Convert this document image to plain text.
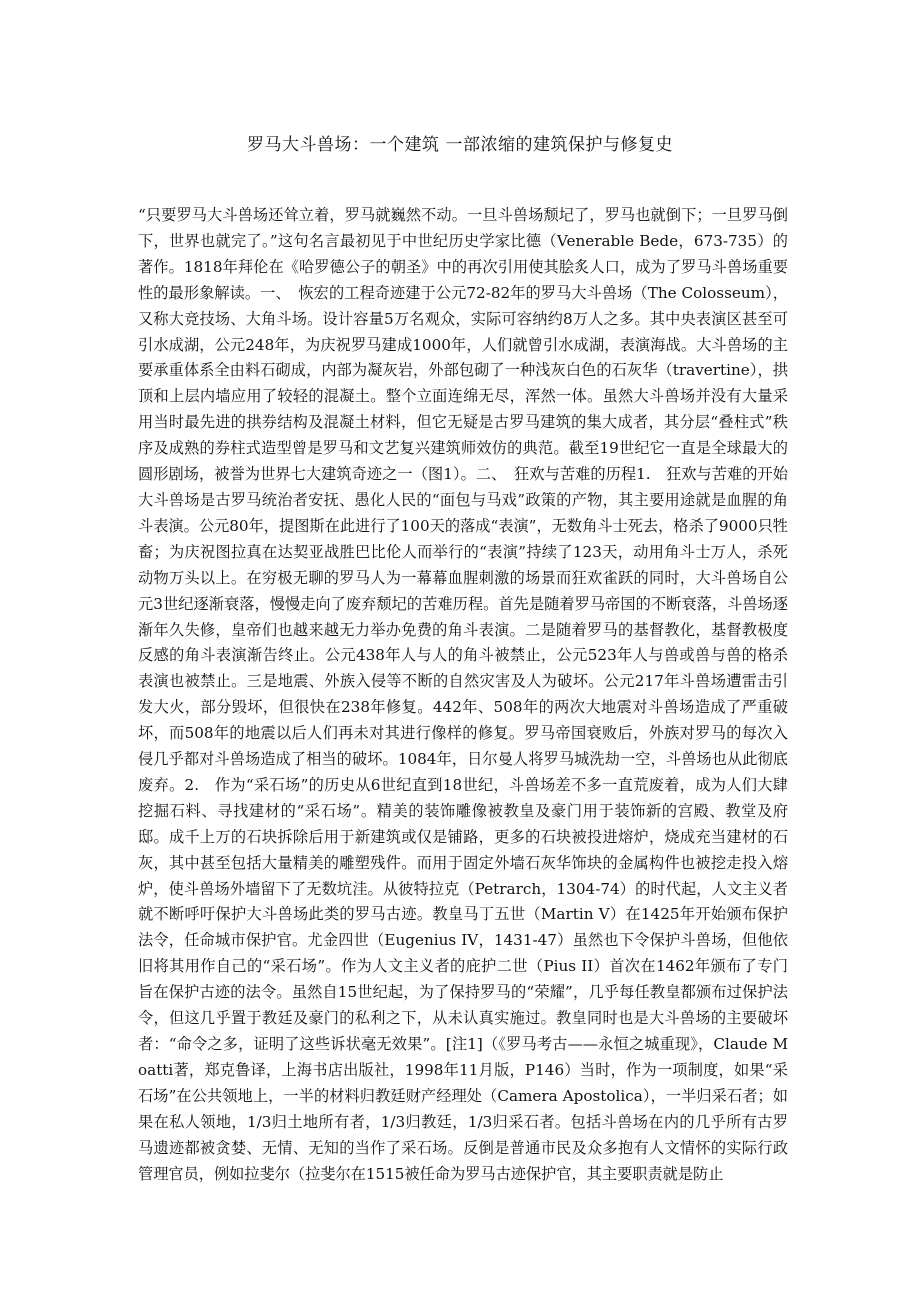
罗马大斗兽场：一个建筑 一部浓缩的建筑保护与修复史

“只要罗马大斗兽场还耸立着，罗马就巍然不动。一旦斗兽场颓圮了，罗马也就倒下；一旦罗马倒下，世界也就完了。”这句名言最初见于中世纪历史学家比德（Venerable Bede，673-735）的著作。1818年拜伦在《哈罗德公子的朝圣》中的再次引用使其脍炙人口，成为了罗马斗兽场重要性的最形象解读。一、　恢宏的工程奇迹建于公元72-82年的罗马大斗兽场（The Colosseum），又称大竞技场、大角斗场。设计容量5万名观众，实际可容纳约8万人之多。其中央表演区甚至可引水成湖，公元248年，为庆祝罗马建成1000年，人们就曾引水成湖，表演海战。大斗兽场的主要承重体系全由料石砌成，内部为凝灰岩，外部包砌了一种浅灰白色的石灰华（travertine），拱顶和上层内墙应用了较轻的混凝土。整个立面连绵无尽，浑然一体。虽然大斗兽场并没有大量采用当时最先进的拱券结构及混凝土材料，但它无疑是古罗马建筑的集大成者，其分层“叠柱式”秩序及成熟的券柱式造型曾是罗马和文艺复兴建筑师效仿的典范。截至19世纪它一直是全球最大的圆形剧场，被誉为世界七大建筑奇迹之一（图1）。二、　狂欢与苦难的历程1.　狂欢与苦难的开始大斗兽场是古罗马统治者安抚、愚化人民的“面包与马戏”政策的产物，其主要用途就是血腥的角斗表演。公元80年，提图斯在此进行了100天的落成“表演”，无数角斗士死去，格杀了9000只牲畜；为庆祝图拉真在达契亚战胜巴比伦人而举行的“表演”持续了123天，动用角斗士万人，杀死动物万头以上。在穷极无聊的罗马人为一幕幕血腥刺激的场景而狂欢雀跃的同时，大斗兽场自公元3世纪逐渐衰落，慢慢走向了废弃颓圮的苦难历程。首先是随着罗马帝国的不断衰落，斗兽场逐渐年久失修，皇帝们也越来越无力举办免费的角斗表演。二是随着罗马的基督教化，基督教极度反感的角斗表演渐告终止。公元438年人与人的角斗被禁止，公元523年人与兽或兽与兽的格杀表演也被禁止。三是地震、外族入侵等不断的自然灾害及人为破坏。公元217年斗兽场遭雷击引发大火，部分毁坏，但很快在238年修复。442年、508年的两次大地震对斗兽场造成了严重破坏，而508年的地震以后人们再未对其进行像样的修复。罗马帝国衰败后，外族对罗马的每次入侵几乎都对斗兽场造成了相当的破坏。1084年，日尔曼人将罗马城洗劫一空，斗兽场也从此彻底废弃。2.　作为“采石场”的历史从6世纪直到18世纪，斗兽场差不多一直荒废着，成为人们大肆挖掘石料、寻找建材的“采石场”。精美的装饰雕像被教皇及豪门用于装饰新的宫殿、教堂及府邸。成千上万的石块拆除后用于新建筑或仅是铺路，更多的石块被投进熔炉，烧成充当建材的石灰，其中甚至包括大量精美的雕塑残件。而用于固定外墙石灰华饰块的金属构件也被挖走投入熔炉，使斗兽场外墙留下了无数坑洼。从彼特拉克（Petrarch，1304-74）的时代起，人文主义者就不断呼吁保护大斗兽场此类的罗马古迹。教皇马丁五世（Martin V）在1425年开始颁布保护法令，任命城市保护官。尤金四世（Eugenius IV，1431-47）虽然也下令保护斗兽场，但他依旧将其用作自己的“采石场”。作为人文主义者的庇护二世（Pius II）首次在1462年颁布了专门旨在保护古迹的法令。虽然自15世纪起，为了保持罗马的“荣耀”，几乎每任教皇都颁布过保护法令，但这几乎置于教廷及豪门的私利之下，从未认真实施过。教皇同时也是大斗兽场的主要破坏者：“命令之多，证明了这些诉状毫无效果”。[注1]（《罗马考古——永恒之城重现》，Claude Moatti著，郑克鲁译，上海书店出版社，1998年11月版，P146）当时，作为一项制度，如果“采石场”在公共领地上，一半的材料归教廷财产经理处（Camera Apostolica），一半归采石者；如果在私人领地，1/3归土地所有者，1/3归教廷，1/3归采石者。包括斗兽场在内的几乎所有古罗马遗迹都被贪婪、无情、无知的当作了采石场。反倒是普通市民及众多抱有人文情怀的实际行政管理官员，例如拉斐尔（拉斐尔在1515被任命为罗马古迹保护官，其主要职责就是防止
